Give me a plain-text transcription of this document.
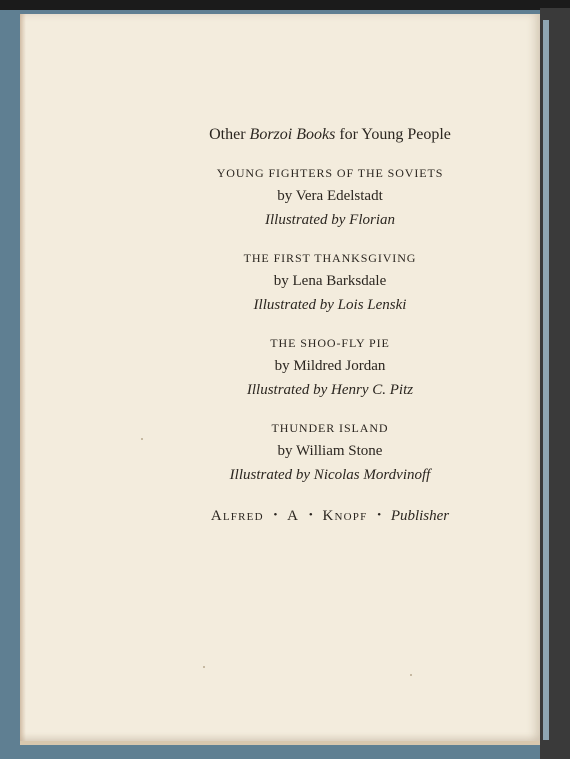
Other Borzoi Books for Young People

YOUNG FIGHTERS OF THE SOVIETS

by Vera Edelstadt

Illustrated by Florian

THE FIRST THANKSGIVING

by Lena Barksdale

Illustrated by Lois Lenski

THE SHOO-FLY PIE

by Mildred Jordan

Illustrated by Henry C. Pitz

THUNDER ISLAND

by William Stone

Illustrated by Nicolas Mordvinoff

Alfred • A • Knopf • Publisher
